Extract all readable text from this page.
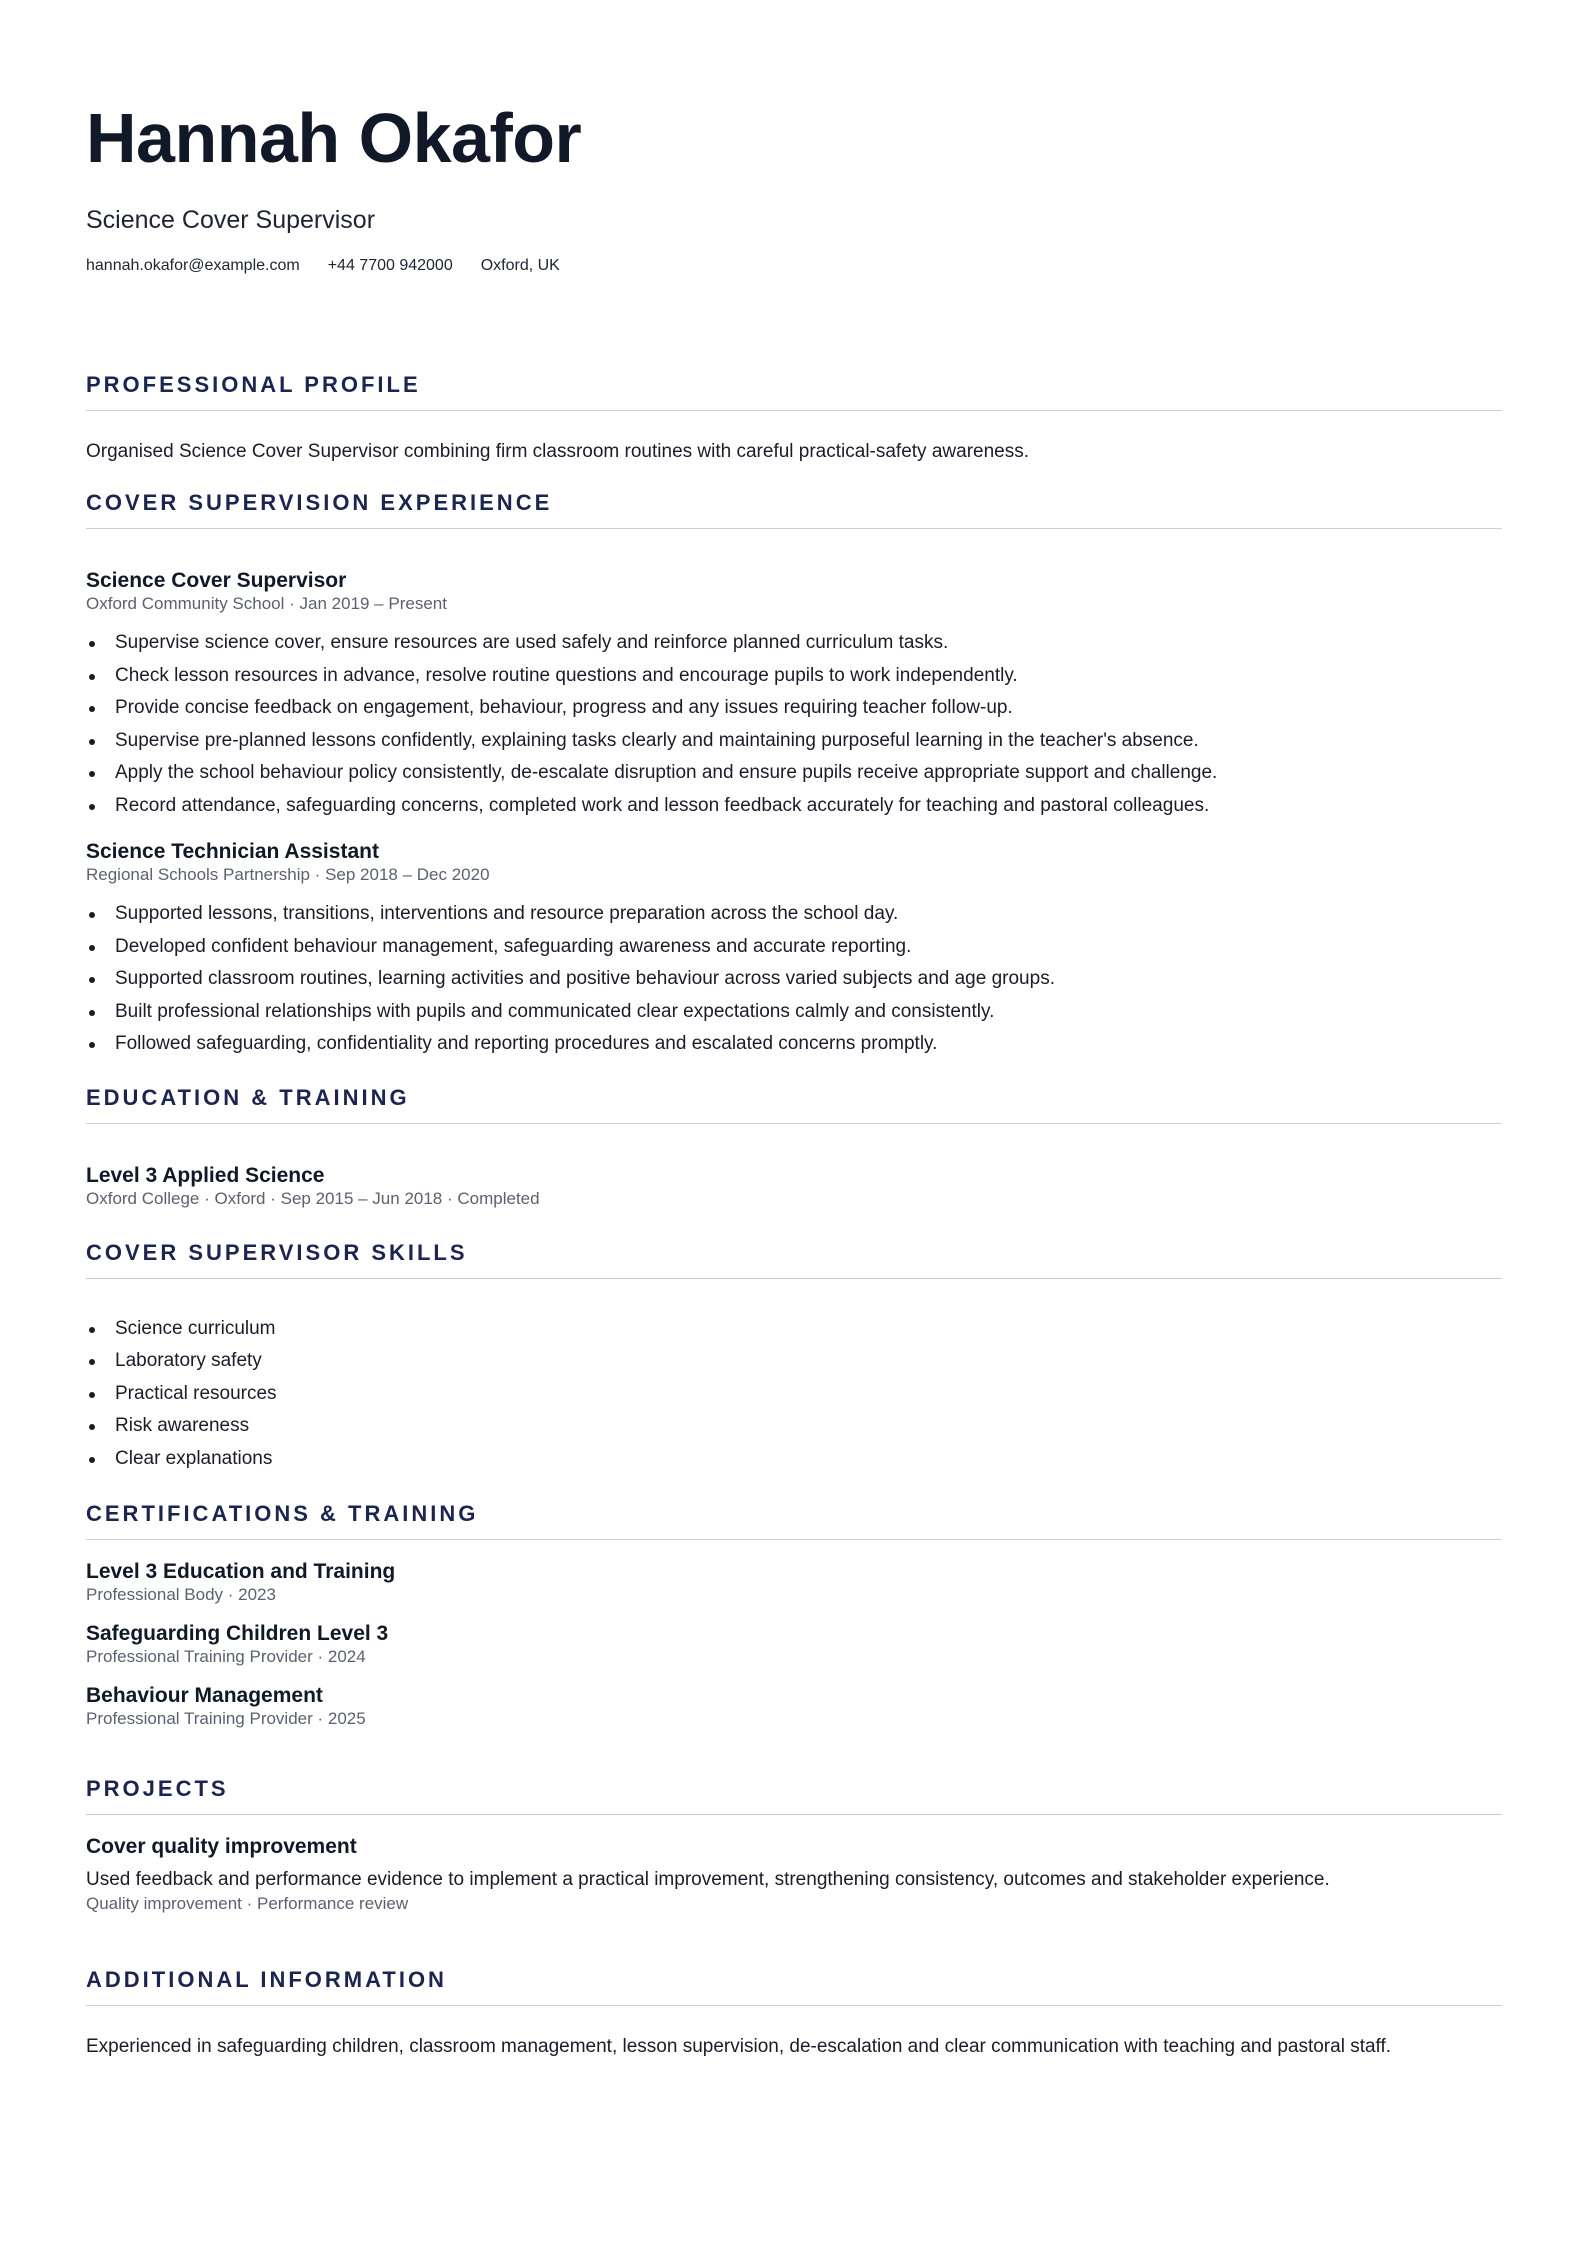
Hannah Okafor
Science Cover Supervisor
hannah.okafor@example.com +44 7700 942000 Oxford, UK
PROFESSIONAL PROFILE
Organised Science Cover Supervisor combining firm classroom routines with careful practical-safety awareness.
COVER SUPERVISION EXPERIENCE
Science Cover Supervisor
Oxford Community School · Jan 2019 – Present
Supervise science cover, ensure resources are used safely and reinforce planned curriculum tasks.
Check lesson resources in advance, resolve routine questions and encourage pupils to work independently.
Provide concise feedback on engagement, behaviour, progress and any issues requiring teacher follow-up.
Supervise pre-planned lessons confidently, explaining tasks clearly and maintaining purposeful learning in the teacher's absence.
Apply the school behaviour policy consistently, de-escalate disruption and ensure pupils receive appropriate support and challenge.
Record attendance, safeguarding concerns, completed work and lesson feedback accurately for teaching and pastoral colleagues.
Science Technician Assistant
Regional Schools Partnership · Sep 2018 – Dec 2020
Supported lessons, transitions, interventions and resource preparation across the school day.
Developed confident behaviour management, safeguarding awareness and accurate reporting.
Supported classroom routines, learning activities and positive behaviour across varied subjects and age groups.
Built professional relationships with pupils and communicated clear expectations calmly and consistently.
Followed safeguarding, confidentiality and reporting procedures and escalated concerns promptly.
EDUCATION & TRAINING
Level 3 Applied Science
Oxford College · Oxford · Sep 2015 – Jun 2018 · Completed
COVER SUPERVISOR SKILLS
Science curriculum
Laboratory safety
Practical resources
Risk awareness
Clear explanations
CERTIFICATIONS & TRAINING
Level 3 Education and Training
Professional Body · 2023
Safeguarding Children Level 3
Professional Training Provider · 2024
Behaviour Management
Professional Training Provider · 2025
PROJECTS
Cover quality improvement
Used feedback and performance evidence to implement a practical improvement, strengthening consistency, outcomes and stakeholder experience.
Quality improvement · Performance review
ADDITIONAL INFORMATION
Experienced in safeguarding children, classroom management, lesson supervision, de-escalation and clear communication with teaching and pastoral staff.
